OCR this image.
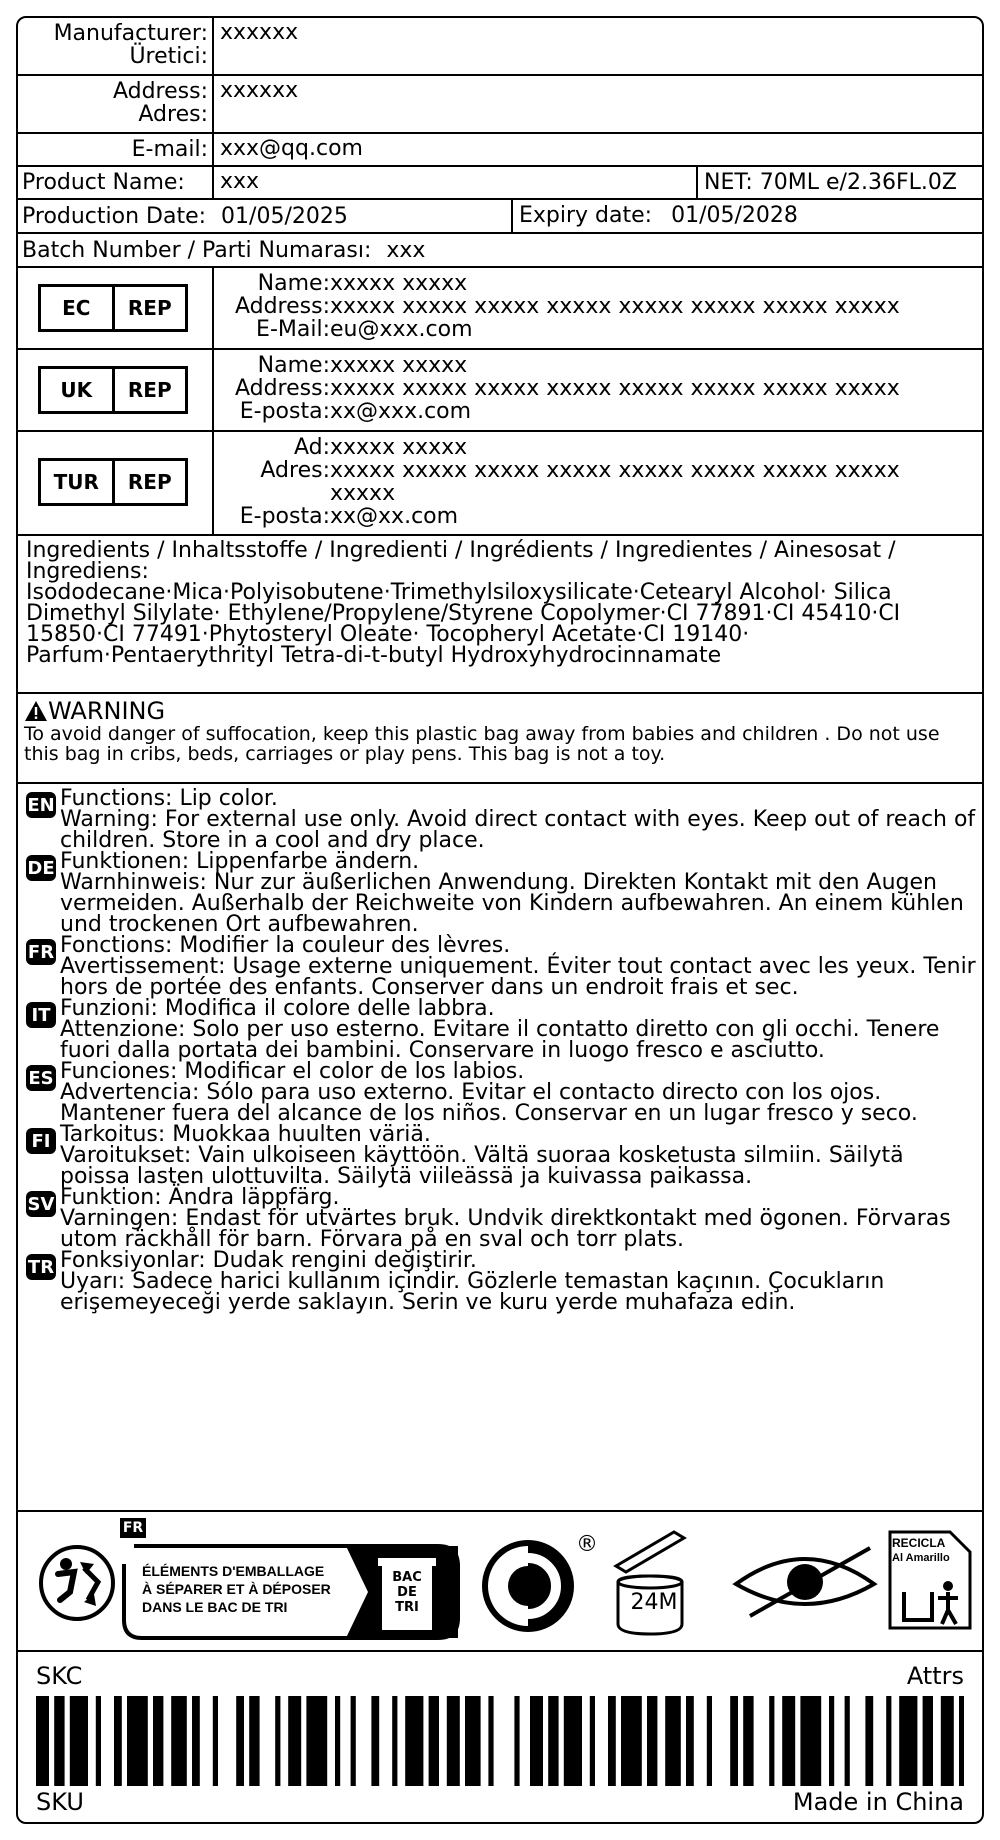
Manufacturer:
Üretici:
xxxxxx
Address:
Adres:
xxxxxx
E-mail: xxx@qq.com
Product Name:	xxx	NET: 70ML e/2.36FL.0Z
Production Date: 01/05/2025	Expiry date: 01/05/2028
Batch Number / Parti Numarası: xxx
EC	REP
Name: xxxxx xxxxx
Address: xxxxx xxxxx xxxxx xxxxx xxxxx xxxxx xxxxx xxxxx
E-Mail: eu@xxx.com
UK	REP
Name: xxxxx xxxxx
Address: xxxxx xxxxx xxxxx xxxxx xxxxx xxxxx xxxxx xxxxx
E-posta: xx@xxx.com
TUR	REP
Ad: xxxxx xxxxx
Adres: xxxxx xxxxx xxxxx xxxxx xxxxx xxxxx xxxxx xxxxx xxxxx
E-posta: xx@xx.com
Ingredients / Inhaltsstoffe / Ingredienti / Ingrédients / Ingredientes / Ainesosat / Ingrediens:
Isododecane·Mica·Polyisobutene·Trimethylsiloxysilicate·Cetearyl Alcohol· Silica Dimethyl Silylate· Ethylene/Propylene/Styrene Copolymer·CI 77891·CI 45410·CI 15850·CI 77491·Phytosteryl Oleate· Tocopheryl Acetate·CI 19140· Parfum·Pentaerythrityl Tetra-di-t-butyl Hydroxyhydrocinnamate
WARNING
To avoid danger of suffocation, keep this plastic bag away from babies and children . Do not use this bag in cribs, beds, carriages or play pens. This bag is not a toy.
EN Functions: Lip color.
Warning: For external use only. Avoid direct contact with eyes. Keep out of reach of children. Store in a cool and dry place.
DE Funktionen: Lippenfarbe ändern.
Warnhinweis: Nur zur äußerlichen Anwendung. Direkten Kontakt mit den Augen vermeiden. Außerhalb der Reichweite von Kindern aufbewahren. An einem kühlen und trockenen Ort aufbewahren.
FR Fonctions: Modifier la couleur des lèvres.
Avertissement: Usage externe uniquement. Éviter tout contact avec les yeux. Tenir hors de portée des enfants. Conserver dans un endroit frais et sec.
IT Funzioni: Modifica il colore delle labbra.
Attenzione: Solo per uso esterno. Evitare il contatto diretto con gli occhi. Tenere fuori dalla portata dei bambini. Conservare in luogo fresco e asciutto.
ES Funciones: Modificar el color de los labios.
Advertencia: Sólo para uso externo. Evitar el contacto directo con los ojos. Mantener fuera del alcance de los niños. Conservar en un lugar fresco y seco.
FI Tarkoitus: Muokkaa huulten väriä.
Varoitukset: Vain ulkoiseen käyttöön. Vältä suoraa kosketusta silmiin. Säilytä poissa lasten ulottuvilta. Säilytä viileässä ja kuivassa paikassa.
SV Funktion: Ändra läppfärg.
Varningen: Endast för utvärtes bruk. Undvik direktkontakt med ögonen. Förvaras utom räckhåll för barn. Förvara på en sval och torr plats.
TR Fonksiyonlar: Dudak rengini değiştirir.
Uyarı: Sadece harici kullanım içindir. Gözlerle temastan kaçının. Çocukların erişemeyeceği yerde saklayın. Serin ve kuru yerde muhafaza edin.
FR
ÉLÉMENTS D'EMBALLAGE
À SÉPARER ET À DÉPOSER
DANS LE BAC DE TRI
BAC
DE
TRI
®
24M
RECICLA
Al Amarillo
SKC	Attrs
SKU	Made in China
